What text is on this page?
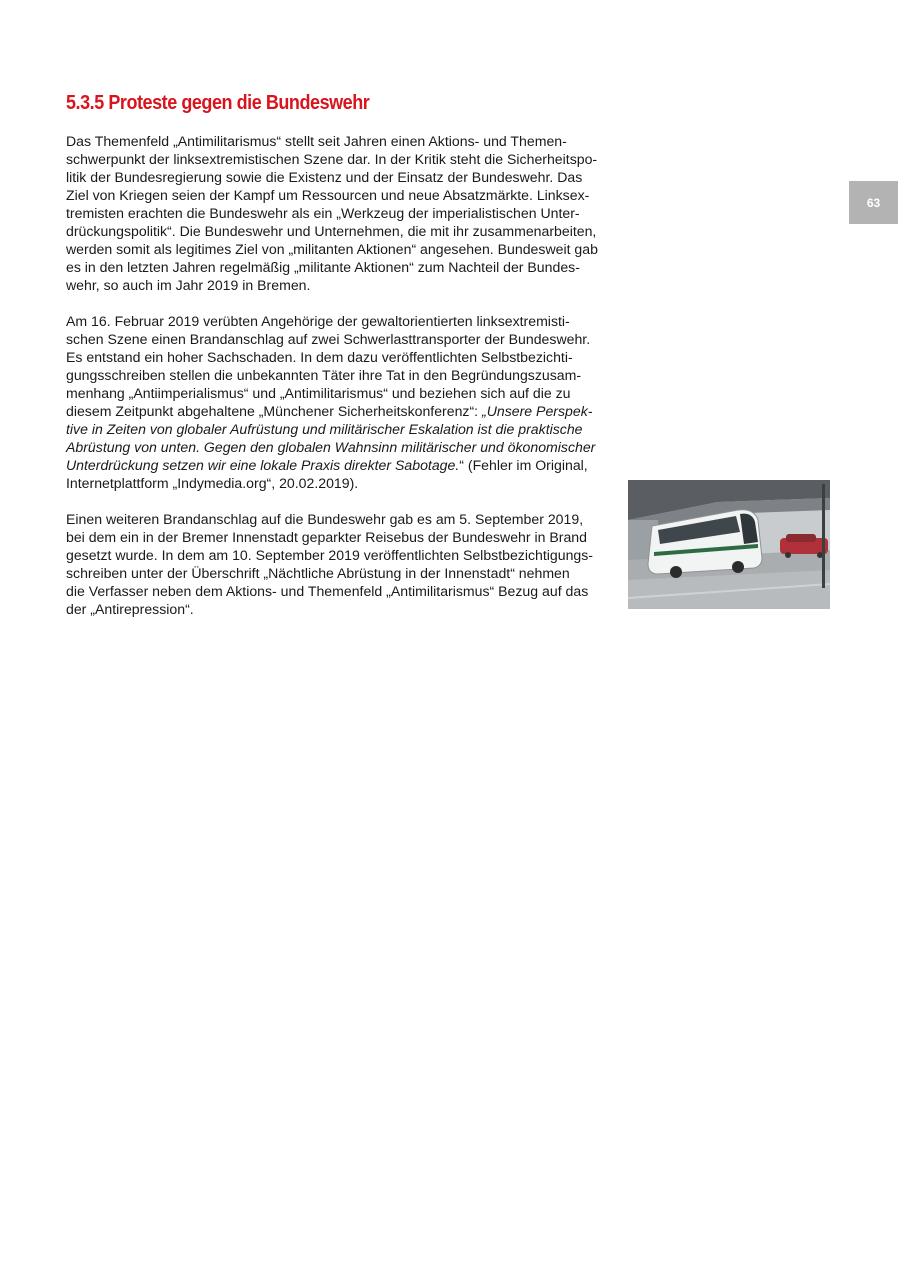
5.3.5 Proteste gegen die Bundeswehr
63

Das Themenfeld „Antimilitarismus“ stellt seit Jahren einen Aktions- und Themen-
schwerpunkt der linksextremistischen Szene dar. In der Kritik steht die Sicherheitspo-
litik der Bundesregierung sowie die Existenz und der Einsatz der Bundeswehr. Das
Ziel von Kriegen seien der Kampf um Ressourcen und neue Absatzmärkte. Linksex-
tremisten erachten die Bundeswehr als ein „Werkzeug der imperialistischen Unter-
drückungspolitik“. Die Bundeswehr und Unternehmen, die mit ihr zusammenarbeiten,
werden somit als legitimes Ziel von „militanten Aktionen“ angesehen. Bundesweit gab
es in den letzten Jahren regelmäßig „militante Aktionen“ zum Nachteil der Bundes-
wehr, so auch im Jahr 2019 in Bremen.

Am 16. Februar 2019 verübten Angehörige der gewaltorientierten linksextremisti-
schen Szene einen Brandanschlag auf zwei Schwerlasttransporter der Bundeswehr.
Es entstand ein hoher Sachschaden. In dem dazu veröffentlichten Selbstbezichti-
gungsschreiben stellen die unbekannten Täter ihre Tat in den Begründungszusam-
menhang „Antiimperialismus“ und „Antimilitarismus“ und beziehen sich auf die zu
diesem Zeitpunkt abgehaltene „Münchener Sicherheitskonferenz“: „Unsere Perspek-
tive in Zeiten von globaler Aufrüstung und militärischer Eskalation ist die praktische
Abrüstung von unten. Gegen den globalen Wahnsinn militärischer und ökonomischer
Unterdrückung setzen wir eine lokale Praxis direkter Sabotage.“ (Fehler im Original,
Internetplattform „Indymedia.org“, 20.02.2019).

Einen weiteren Brandanschlag auf die Bundeswehr gab es am 5. September 2019,
bei dem ein in der Bremer Innenstadt geparkter Reisebus der Bundeswehr in Brand
gesetzt wurde. In dem am 10. September 2019 veröffentlichten Selbstbezichtigungs-
schreiben unter der Überschrift „Nächtliche Abrüstung in der Innenstadt“ nehmen
die Verfasser neben dem Aktions- und Themenfeld „Antimilitarismus“ Bezug auf das
der „Antirepression“.
